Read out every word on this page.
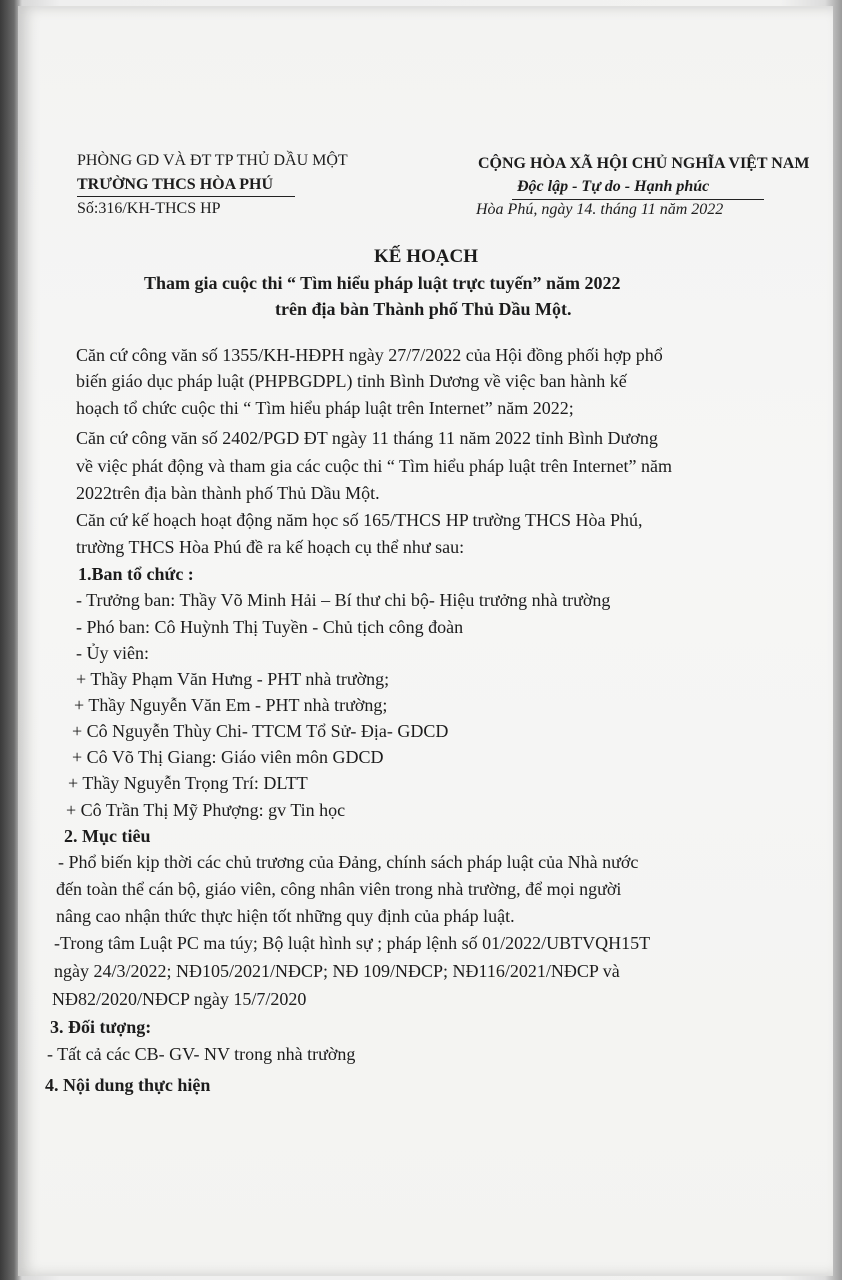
PHÒNG GD VÀ ĐT TP THỦ DẦU MỘT
TRƯỜNG THCS HÒA PHÚ
Số:316/KH-THCS HP
CỘNG HÒA XÃ HỘI CHỦ NGHĨA VIỆT NAM
Độc lập - Tự do - Hạnh phúc
Hòa Phú, ngày 14. tháng 11 năm 2022
KẾ HOẠCH
Tham gia cuộc thi “ Tìm hiểu pháp luật trực tuyến” năm 2022
trên địa bàn Thành phố Thủ Dầu Một.
Căn cứ công văn số 1355/KH-HĐPH ngày 27/7/2022 của Hội đồng phối hợp phổ
biến giáo dục pháp luật (PHPBGDPL) tỉnh Bình Dương về việc ban hành kế
hoạch tổ chức cuộc thi “ Tìm hiểu pháp luật trên Internet” năm 2022;
Căn cứ công văn số 2402/PGD ĐT ngày 11 tháng 11 năm 2022 tỉnh Bình Dương
về việc phát động và tham gia các cuộc thi “ Tìm hiểu pháp luật trên Internet” năm
2022trên địa bàn thành phố Thủ Dầu Một.
Căn cứ kế hoạch hoạt động năm học số 165/THCS HP trường THCS Hòa Phú,
trường THCS Hòa Phú đề ra kế hoạch cụ thể như sau:
1.Ban tổ chức :
- Trưởng ban: Thầy Võ Minh Hải – Bí thư chi bộ- Hiệu trưởng nhà trường
- Phó ban: Cô Huỳnh Thị Tuyền - Chủ tịch công đoàn
- Ủy viên:
+ Thầy Phạm Văn Hưng - PHT nhà trường;
+ Thầy Nguyễn Văn Em - PHT nhà trường;
+ Cô Nguyễn Thùy Chi- TTCM Tổ Sử- Địa- GDCD
+ Cô Võ Thị Giang: Giáo viên môn GDCD
+ Thầy Nguyễn Trọng Trí: DLTT
+ Cô Trần Thị Mỹ Phượng: gv Tin học
2. Mục tiêu
- Phổ biến kịp thời các chủ trương của Đảng, chính sách pháp luật của Nhà nước
đến toàn thể cán bộ, giáo viên, công nhân viên trong nhà trường, để mọi người
nâng cao nhận thức thực hiện tốt những quy định của pháp luật.
-Trong tâm Luật PC ma túy; Bộ luật hình sự ; pháp lệnh số 01/2022/UBTVQH15T
ngày 24/3/2022; NĐ105/2021/NĐCP; NĐ 109/NĐCP; NĐ116/2021/NĐCP và
NĐ82/2020/NĐCP ngày 15/7/2020
3. Đối tượng:
- Tất cả các CB- GV- NV trong nhà trường
4. Nội dung thực hiện
